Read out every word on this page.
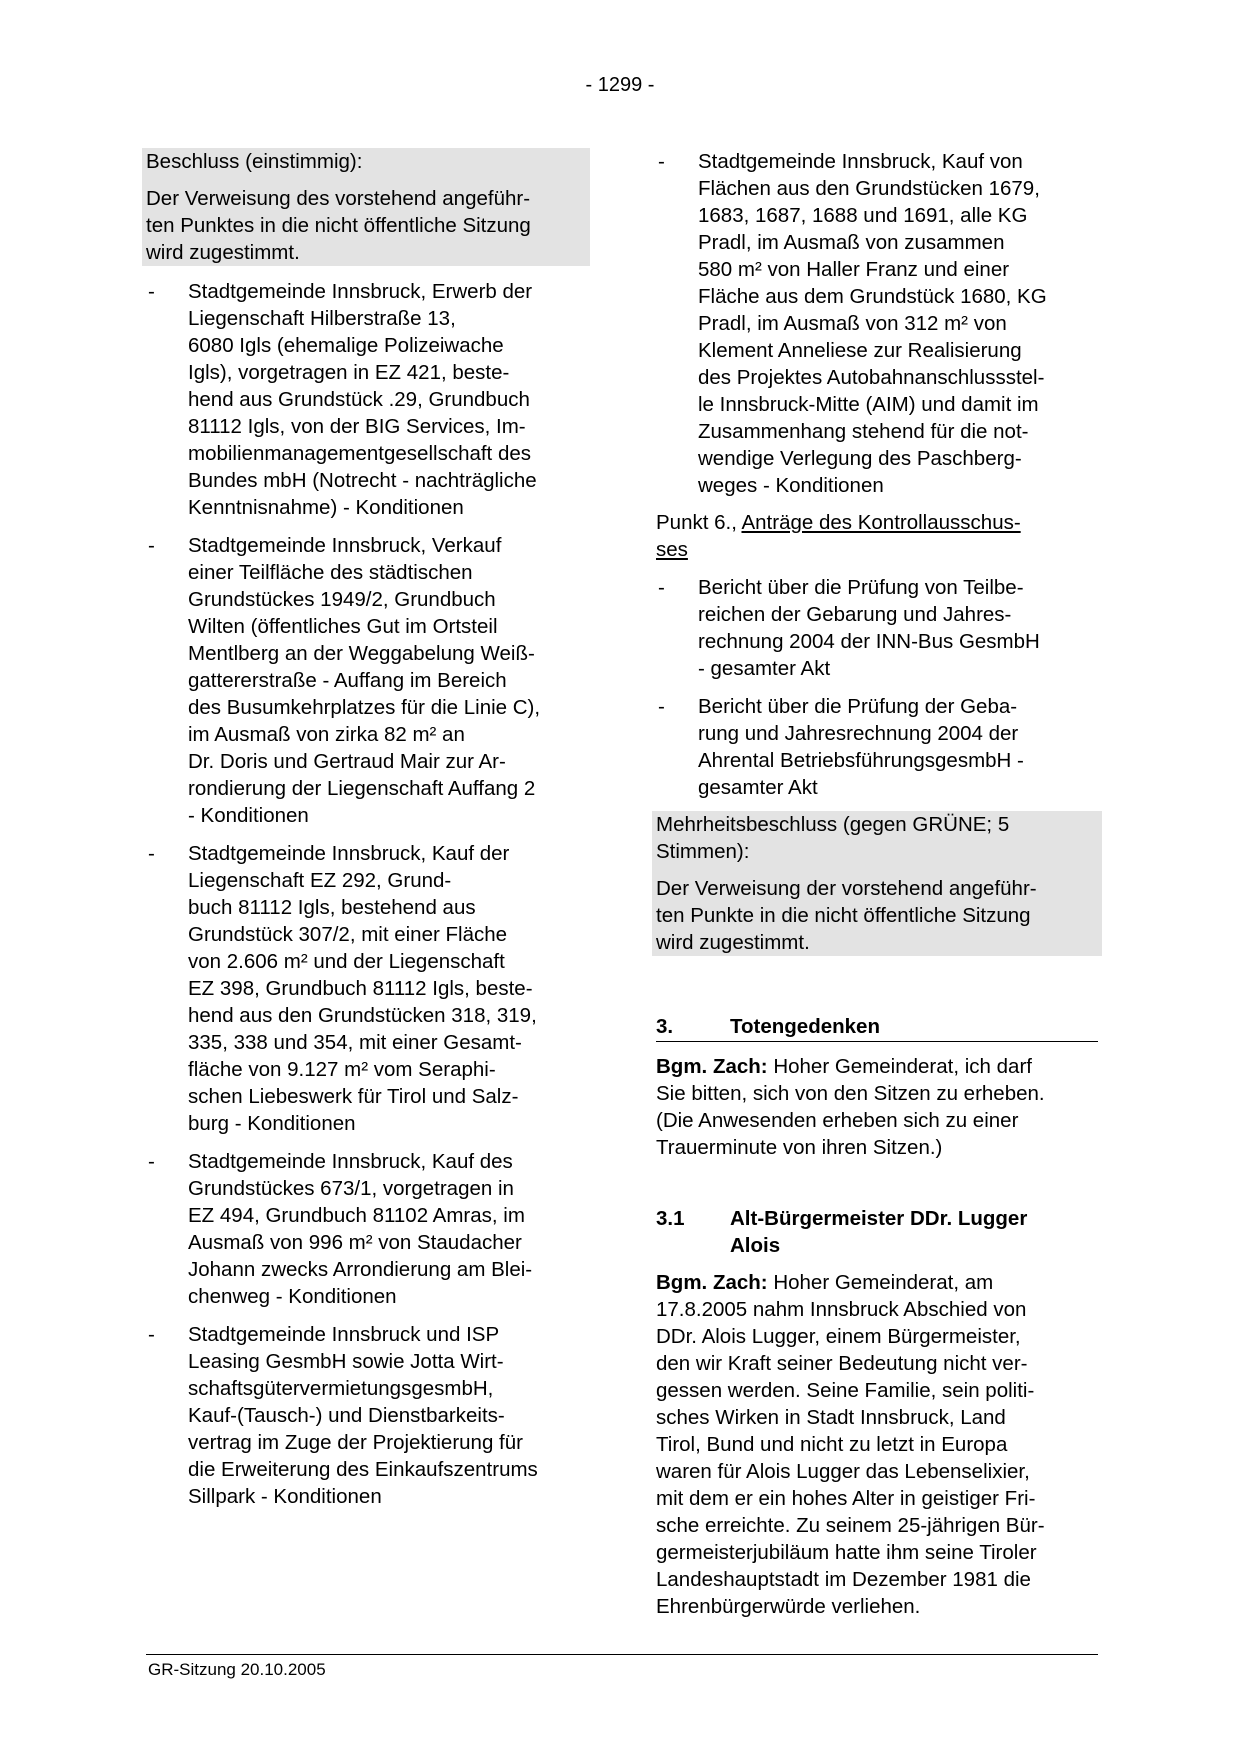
- 1299 -

Beschluss (einstimmig):

Der Verweisung des vorstehend angeführ-
ten Punktes in die nicht öffentliche Sitzung
wird zugestimmt.

- Stadtgemeinde Innsbruck, Erwerb der
Liegenschaft Hilberstraße 13,
6080 Igls (ehemalige Polizeiwache
Igls), vorgetragen in EZ 421, beste-
hend aus Grundstück .29, Grundbuch
81112 Igls, von der BIG Services, Im-
mobilienmanagementgesellschaft des
Bundes mbH (Notrecht - nachträgliche
Kenntnisnahme) - Konditionen
- Stadtgemeinde Innsbruck, Verkauf
einer Teilfläche des städtischen
Grundstückes 1949/2, Grundbuch
Wilten (öffentliches Gut im Ortsteil
Mentlberg an der Weggabelung Weiß-
gattererstraße - Auffang im Bereich
des Busumkehrplatzes für die Linie C),
im Ausmaß von zirka 82 m² an
Dr. Doris und Gertraud Mair zur Ar-
rondierung der Liegenschaft Auffang 2
- Konditionen
- Stadtgemeinde Innsbruck, Kauf der
Liegenschaft EZ 292, Grund-
buch 81112 Igls, bestehend aus
Grundstück 307/2, mit einer Fläche
von 2.606 m² und der Liegenschaft
EZ 398, Grundbuch 81112 Igls, beste-
hend aus den Grundstücken 318, 319,
335, 338 und 354, mit einer Gesamt-
fläche von 9.127 m² vom Seraphi-
schen Liebeswerk für Tirol und Salz-
burg - Konditionen
- Stadtgemeinde Innsbruck, Kauf des
Grundstückes 673/1, vorgetragen in
EZ 494, Grundbuch 81102 Amras, im
Ausmaß von 996 m² von Staudacher
Johann zwecks Arrondierung am Blei-
chenweg - Konditionen
- Stadtgemeinde Innsbruck und ISP
Leasing GesmbH sowie Jotta Wirt-
schaftsgütervermietungsgesmbH,
Kauf-(Tausch-) und Dienstbarkeits-
vertrag im Zuge der Projektierung für
die Erweiterung des Einkaufszentrums
Sillpark - Konditionen
- Stadtgemeinde Innsbruck, Kauf von
Flächen aus den Grundstücken 1679,
1683, 1687, 1688 und 1691, alle KG
Pradl, im Ausmaß von zusammen
580 m² von Haller Franz und einer
Fläche aus dem Grundstück 1680, KG
Pradl, im Ausmaß von 312 m² von
Klement Anneliese zur Realisierung
des Projektes Autobahnanschlussstel-
le Innsbruck-Mitte (AIM) und damit im
Zusammenhang stehend für die not-
wendige Verlegung des Paschberg-
weges - Konditionen

Punkt 6., Anträge des Kontrollausschus-
ses

- Bericht über die Prüfung von Teilbe-
reichen der Gebarung und Jahres-
rechnung 2004 der INN-Bus GesmbH
- gesamter Akt
- Bericht über die Prüfung der Geba-
rung und Jahresrechnung 2004 der
Ahrental BetriebsführungsgesmbH -
gesamter Akt

Mehrheitsbeschluss (gegen GRÜNE; 5
Stimmen):

Der Verweisung der vorstehend angeführ-
ten Punkte in die nicht öffentliche Sitzung
wird zugestimmt.

3.	Totengedenken

Bgm. Zach: Hoher Gemeinderat, ich darf
Sie bitten, sich von den Sitzen zu erheben.
(Die Anwesenden erheben sich zu einer
Trauerminute von ihren Sitzen.)

3.1	Alt-Bürgermeister DDr. Lugger
Alois

Bgm. Zach: Hoher Gemeinderat, am
17.8.2005 nahm Innsbruck Abschied von
DDr. Alois Lugger, einem Bürgermeister,
den wir Kraft seiner Bedeutung nicht ver-
gessen werden. Seine Familie, sein politi-
sches Wirken in Stadt Innsbruck, Land
Tirol, Bund und nicht zu letzt in Europa
waren für Alois Lugger das Lebenselixier,
mit dem er ein hohes Alter in geistiger Fri-
sche erreichte. Zu seinem 25-jährigen Bür-
germeisterjubiläum hatte ihm seine Tiroler
Landeshauptstadt im Dezember 1981 die
Ehrenbürgerwürde verliehen.

GR-Sitzung 20.10.2005
